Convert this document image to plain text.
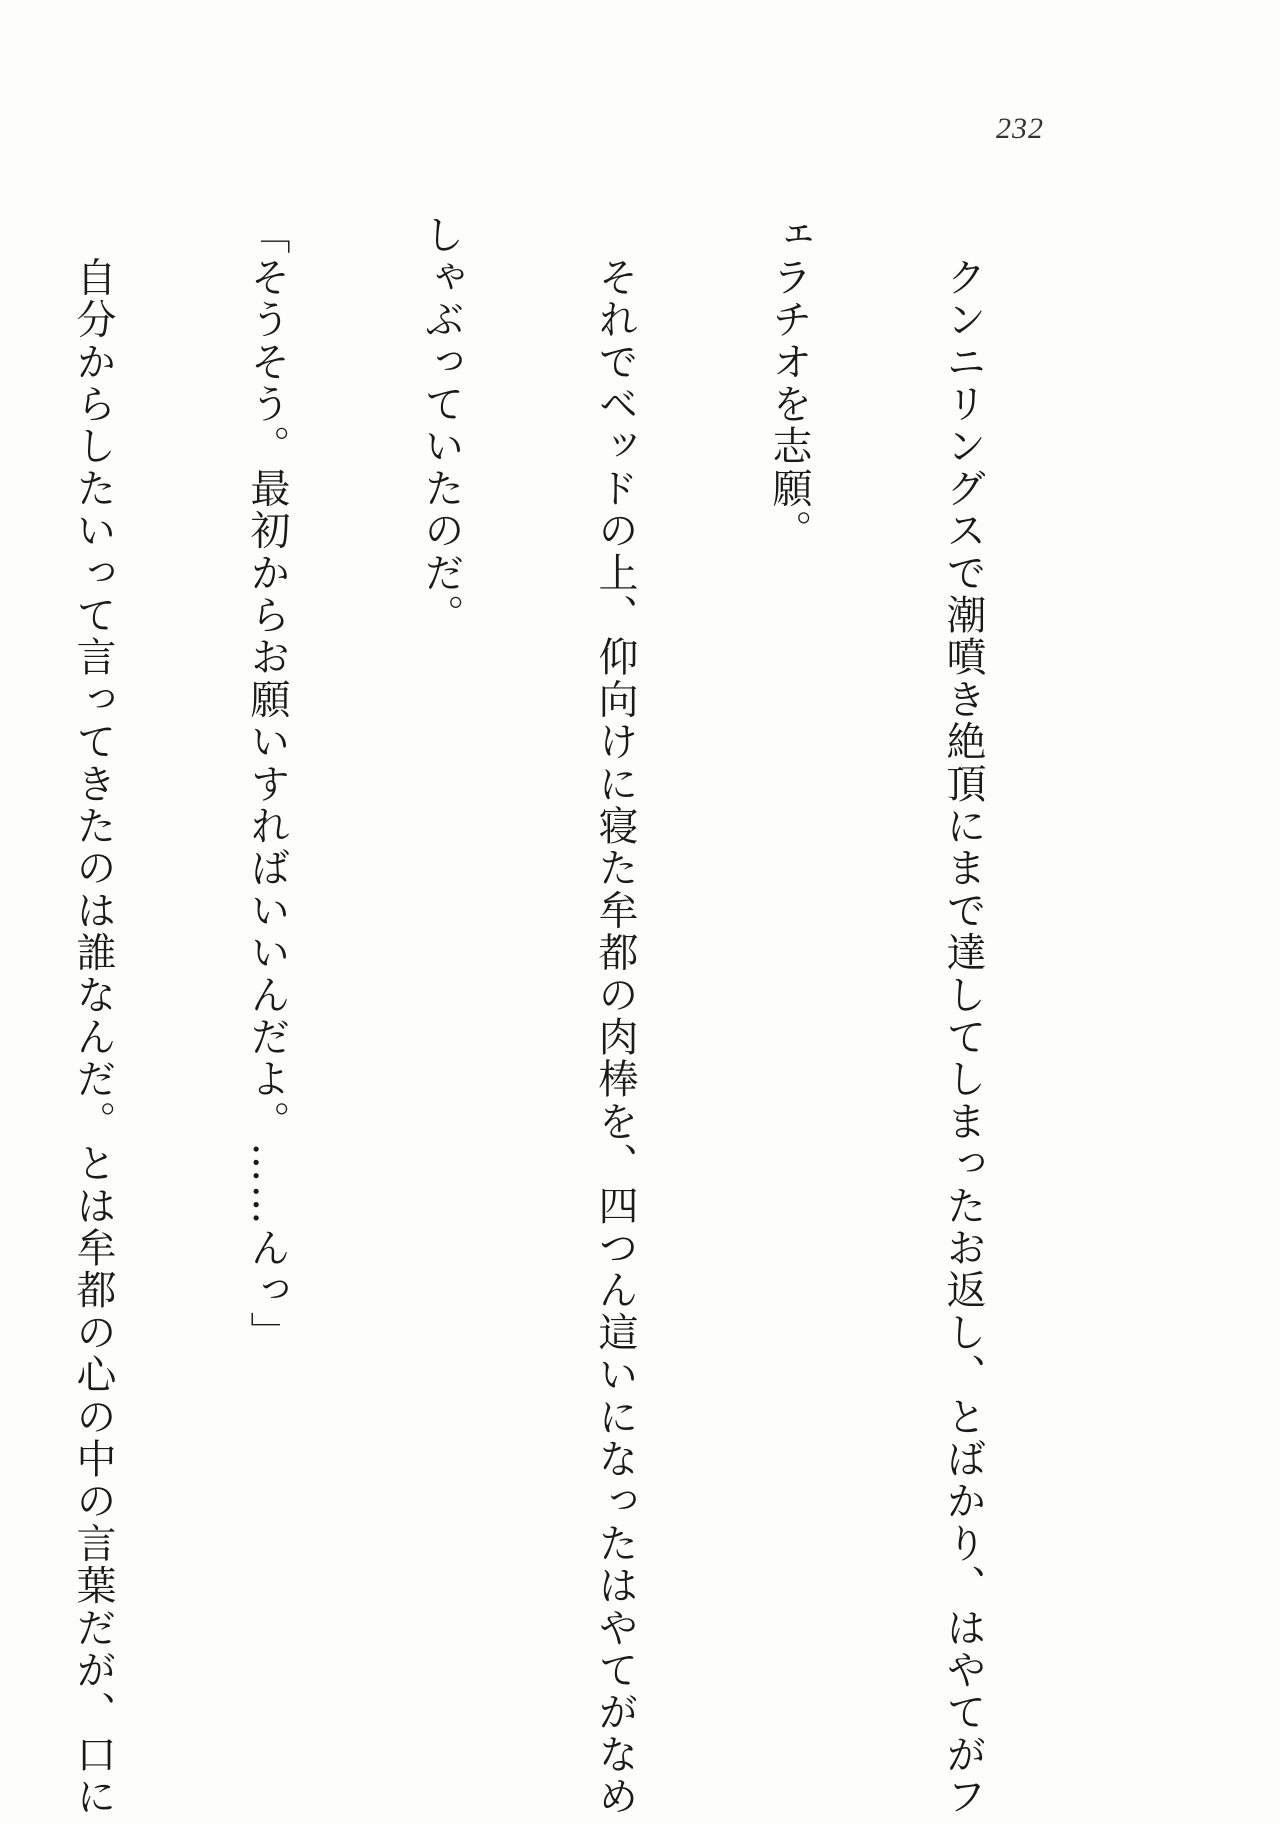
232

　クンニリングスで潮噴き絶頂にまで達してしまったお返し、とばかり、はやてがフ

ェラチオを志願。

　それでベッドの上、仰向けに寝た牟都の肉棒を、四つん這いになったはやてがなめ

しゃぶっていたのだ。

「そうそう。最初からお願いすればいいんだよ。……んっ」

　自分からしたいって言ってきたのは誰なんだ。とは牟都の心の中の言葉だが、口に
